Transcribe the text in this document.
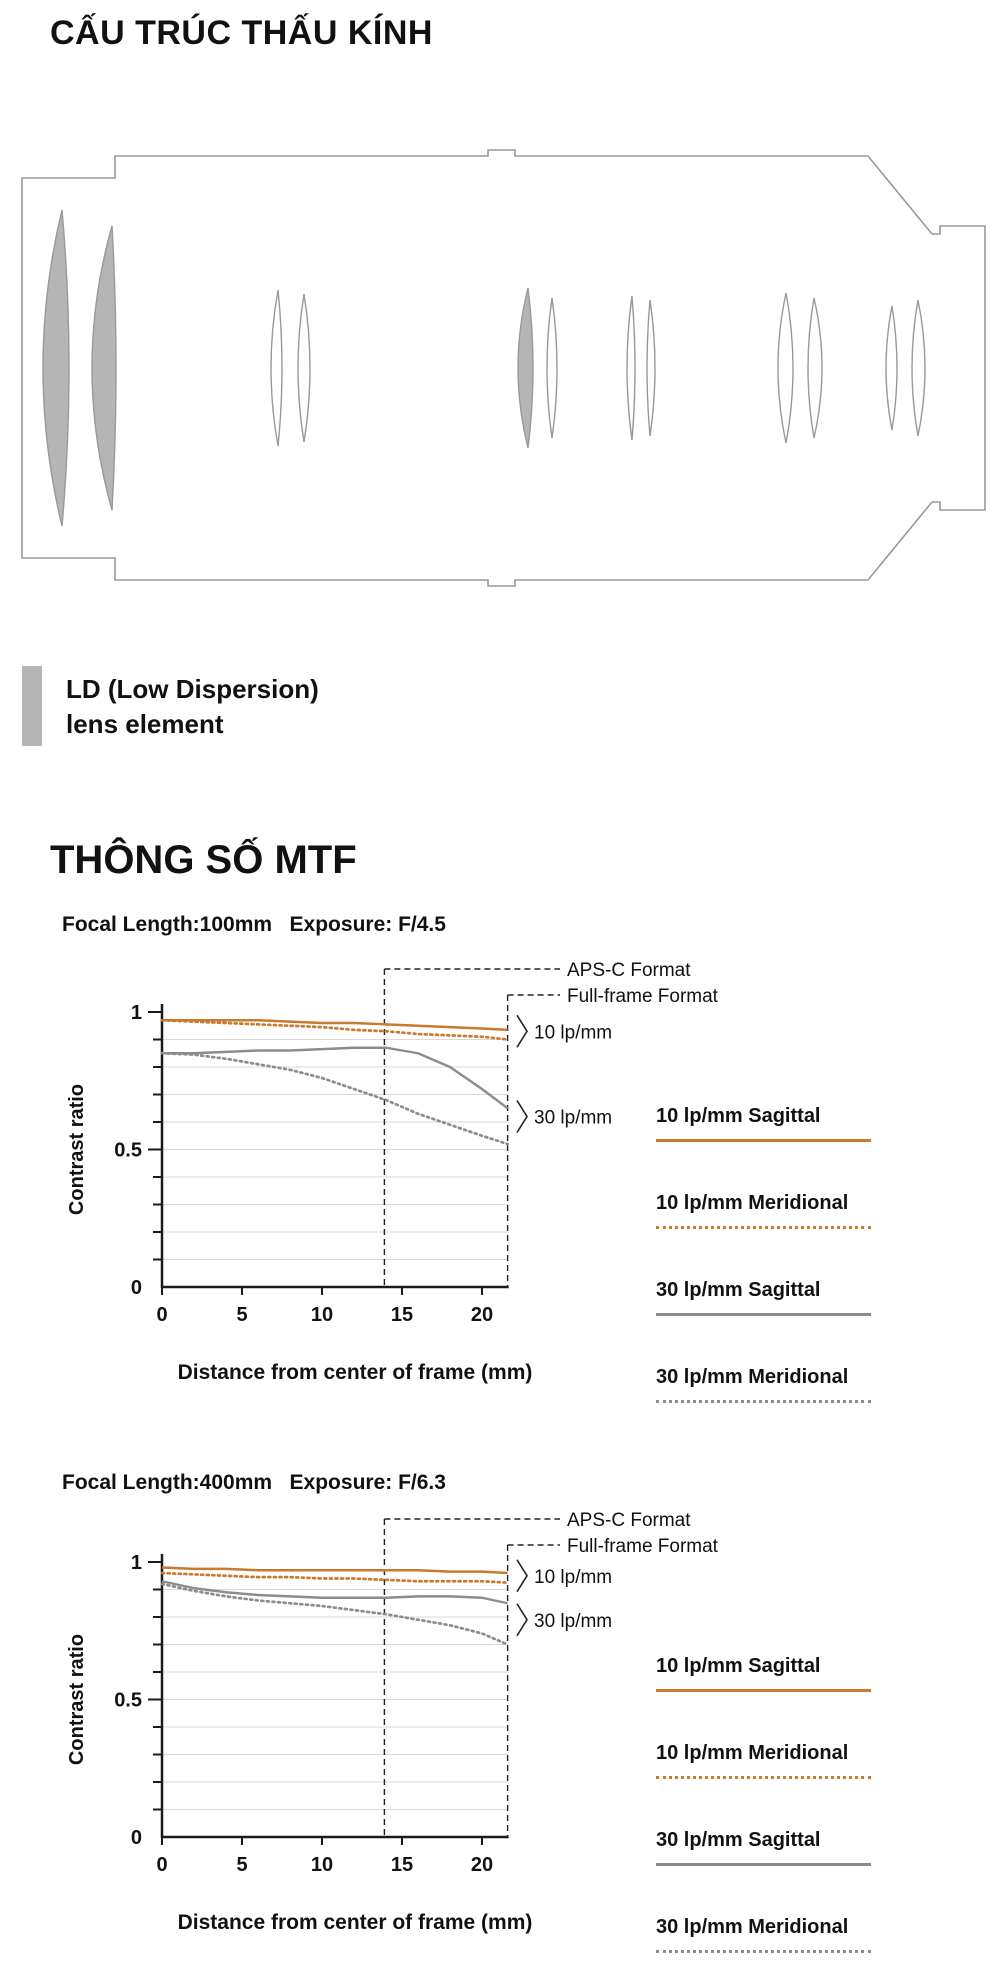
CẤU TRÚC THẤU KÍNH
LD (Low Dispersion)
lens element
THÔNG SỐ MTF
Focal Length:100mm   Exposure: F/4.5
APS-C Format
Full-frame Format
0
0.5
1
0	5	10	15	20
10 lp/mm
30 lp/mm
Contrast ratio	10 lp/mm Sagittal
10 lp/mm Meridional
30 lp/mm Sagittal
30 lp/mm Meridional
Distance from center of frame (mm)
Focal Length:400mm   Exposure: F/6.3
APS-C Format
Full-frame Format
0
0.5
1
0	5	10	15	20
10 lp/mm
30 lp/mm
Contrast ratio	10 lp/mm Sagittal
10 lp/mm Meridional
30 lp/mm Sagittal
30 lp/mm Meridional
Distance from center of frame (mm)
